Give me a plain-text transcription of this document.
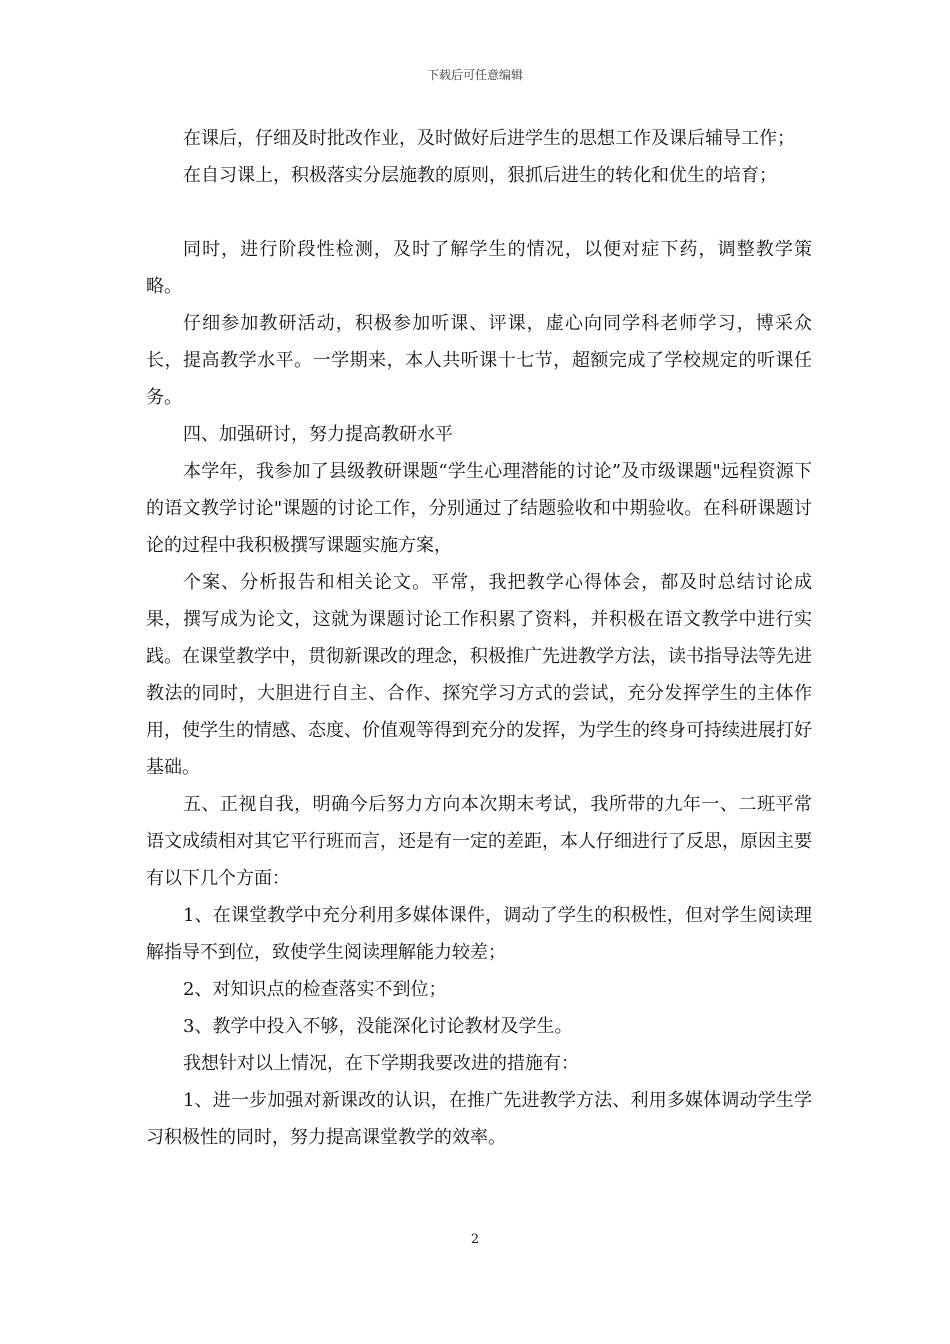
下载后可任意编辑

在课后，仔细及时批改作业，及时做好后进学生的思想工作及课后辅导工作；

在自习课上，积极落实分层施教的原则，狠抓后进生的转化和优生的培育；

同时，进行阶段性检测，及时了解学生的情况，以便对症下药，调整教学策略。

仔细参加教研活动，积极参加听课、评课，虚心向同学科老师学习，博采众长，提高教学水平。一学期来，本人共听课十七节，超额完成了学校规定的听课任务。

四、加强研讨，努力提高教研水平

本学年，我参加了县级教研课题“学生心理潜能的讨论”及市级课题"远程资源下的语文教学讨论"课题的讨论工作，分别通过了结题验收和中期验收。在科研课题讨论的过程中我积极撰写课题实施方案，

个案、分析报告和相关论文。平常，我把教学心得体会，都及时总结讨论成果，撰写成为论文，这就为课题讨论工作积累了资料，并积极在语文教学中进行实践。在课堂教学中，贯彻新课改的理念，积极推广先进教学方法，读书指导法等先进教法的同时，大胆进行自主、合作、探究学习方式的尝试，充分发挥学生的主体作用，使学生的情感、态度、价值观等得到充分的发挥，为学生的终身可持续进展打好基础。

五、正视自我，明确今后努力方向本次期末考试，我所带的九年一、二班平常语文成绩相对其它平行班而言，还是有一定的差距，本人仔细进行了反思，原因主要有以下几个方面：

1、在课堂教学中充分利用多媒体课件，调动了学生的积极性，但对学生阅读理解指导不到位，致使学生阅读理解能力较差；

2、对知识点的检查落实不到位；

3、教学中投入不够，没能深化讨论教材及学生。

我想针对以上情况，在下学期我要改进的措施有：

1、进一步加强对新课改的认识，在推广先进教学方法、利用多媒体调动学生学习积极性的同时，努力提高课堂教学的效率。

2
